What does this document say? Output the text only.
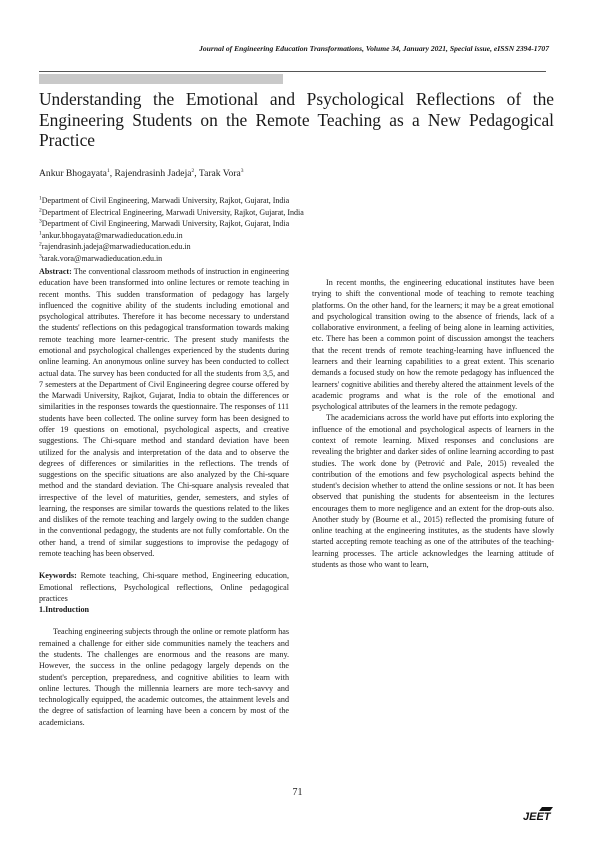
Journal of Engineering Education Transformations, Volume 34, January 2021, Special issue, eISSN 2394-1707
Understanding the Emotional and Psychological Reflections of the Engineering Students on the Remote Teaching as a New Pedagogical Practice
Ankur Bhogayata$^1$, Rajendrasinh Jadeja$^2$, Tarak Vora$^3$
$^1$Department of Civil Engineering, Marwadi University, Rajkot, Gujarat, India
$^2$Department of Electrical Engineering, Marwadi University, Rajkot, Gujarat, India
$^3$Department of Civil Engineering, Marwadi University, Rajkot, Gujarat, India
$^1$ankur.bhogayata@marwadieducation.edu.in
$^2$rajendrasinh.jadeja@marwadieducation.edu.in
$^3$tarak.vora@marwadieducation.edu.in

Abstract: The conventional classroom methods of instruction in engineering education have been transformed into online lectures or remote teaching in recent months. This sudden transformation of pedagogy has largely influenced the cognitive ability of the students including emotional and psychological attributes. Therefore it has become necessary to understand the students' reflections on this pedagogical transformation towards making remote teaching more learner-centric. The present study manifests the emotional and psychological challenges experienced by the students during online learning. An anonymous online survey has been conducted to collect actual data. The survey has been conducted for all the students from 3,5, and 7 semesters at the Department of Civil Engineering degree course offered by the Marwadi University, Rajkot, Gujarat, India to obtain the differences or similarities in the responses towards the questionnaire. The responses of 111 students have been collected. The online survey form has been designed to offer 19 questions on emotional, psychological aspects, and creative suggestions. The Chi-square method and standard deviation have been utilized for the analysis and interpretation of the data and to observe the degrees of differences or similarities in the reflections. The trends of suggestions on the specific situations are also analyzed by the Chi-square method and the standard deviation. The Chi-square analysis revealed that irrespective of the level of maturities, gender, semesters, and styles of learning, the responses are similar towards the questions related to the likes and dislikes of the remote teaching and largely owing to the sudden change in the conventional pedagogy, the students are not fully comfortable. On the other hand, a trend of similar suggestions to improvise the pedagogy of remote teaching has been observed.

Keywords: Remote teaching, Chi-square method, Engineering education, Emotional reflections, Psychological reflections, Online pedagogical practices

1.Introduction

Teaching engineering subjects through the online or remote platform has remained a challenge for either side communities namely the teachers and the students. The challenges are enormous and the reasons are many. However, the success in the online pedagogy largely depends on the student's perception, preparedness, and cognitive abilities to learn with online lectures. Though the millennia learners are more tech-savvy and technologically equipped, the academic outcomes, the attainment levels and the degree of satisfaction of learning have been a concern by most of the academicians.

In recent months, the engineering educational institutes have been trying to shift the conventional mode of teaching to remote teaching platforms. On the other hand, for the learners; it may be a great emotional and psychological transition owing to the absence of friends, lack of a collaborative environment, a feeling of being alone in learning activities, etc. There has been a common point of discussion amongst the teachers that the recent trends of remote teaching-learning have influenced the learners and their learning capabilities to a great extent. This scenario demands a focused study on how the remote pedagogy has influenced the learners' cognitive abilities and thereby altered the attainment levels of the academic programs and what is the role of the emotional and psychological attributes of the learners in the remote pedagogy.

The academicians across the world have put efforts into exploring the influence of the emotional and psychological aspects of learners in the context of remote learning. Mixed responses and conclusions are revealing the brighter and darker sides of online learning according to past studies. The work done by (Petrović and Pale, 2015) revealed the contribution of the emotions and few psychological aspects behind the student's decision whether to attend the online sessions or not. It has been observed that punishing the students for absenteeism in the lectures encourages them to more negligence and an extent for the drop-outs also. Another study by (Bourne et al., 2015) reflected the promising future of online teaching at the engineering institutes, as the students have slowly started accepting remote teaching as one of the attributes of the teaching-learning processes. The article acknowledges the learning attitude of students as those who want to learn,

71
JEET
